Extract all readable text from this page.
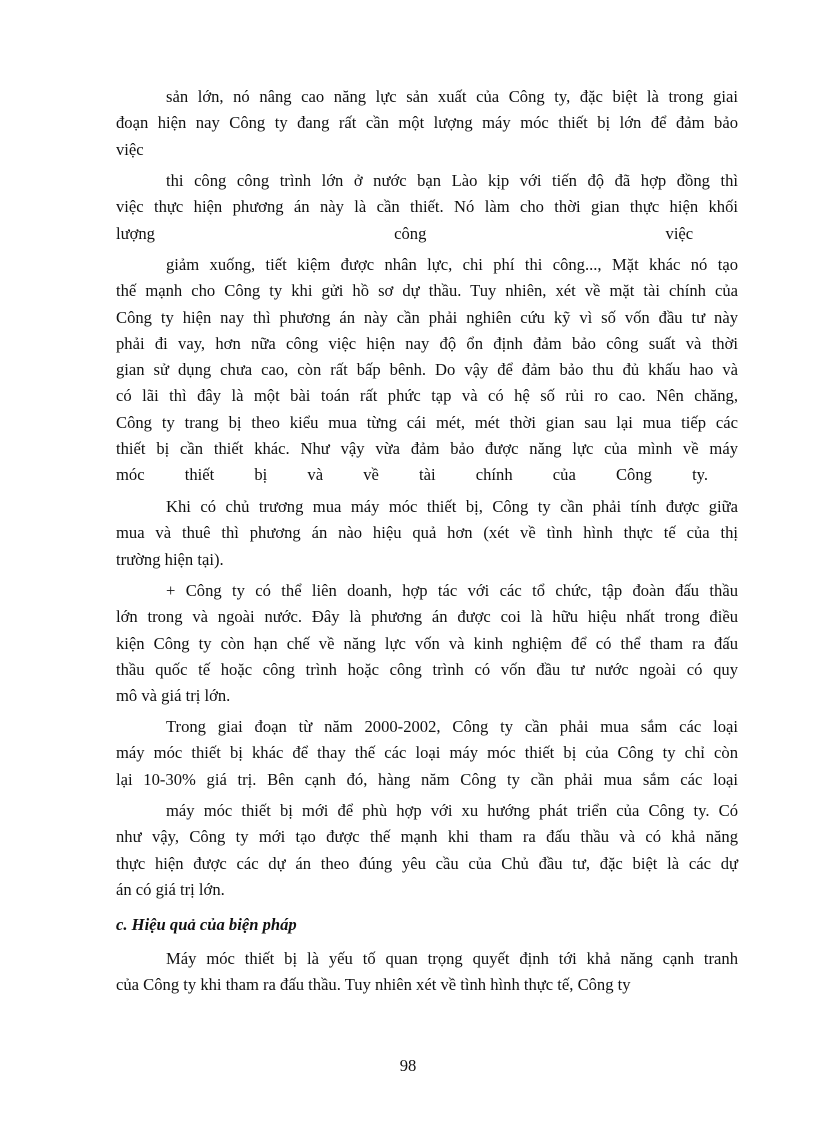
sản lớn, nó nâng cao năng lực sản xuất của Công ty, đặc biệt là trong giai
đoạn hiện nay Công ty đang rất cần một lượng máy móc thiết bị lớn để đảm bảo
việc
thi công công trình lớn ở nước bạn Lào kịp với tiến độ đã hợp đồng thì
việc thực hiện phương án này là cần thiết. Nó làm cho thời gian thực hiện khối
lượng công việc
giảm xuống, tiết kiệm được nhân lực, chi phí thi công..., Mặt khác nó tạo
thế mạnh cho Công ty khi gửi hồ sơ dự thầu. Tuy nhiên, xét về mặt tài chính của
Công ty hiện nay thì phương án này cần phải nghiên cứu kỹ vì số vốn đầu tư này
phải đi vay, hơn nữa công việc hiện nay độ ổn định đảm bảo công suất và thời
gian sử dụng chưa cao, còn rất bấp bênh. Do vậy để đảm bảo thu đủ khấu hao và
có lãi thì đây là một bài toán rất phức tạp và có hệ số rủi ro cao. Nên chăng,
Công ty trang bị theo kiểu mua từng cái mét, mét thời gian sau lại mua tiếp các
thiết bị cần thiết khác. Như vậy vừa đảm bảo được năng lực của mình về máy
móc thiết bị và về tài chính của Công ty.
Khi có chủ trương mua máy móc thiết bị, Công ty cần phải tính được giữa
mua và thuê thì phương án nào hiệu quả hơn (xét về tình hình thực tế của thị
trường hiện tại).
+ Công ty có thể liên doanh, hợp tác với các tổ chức, tập đoàn đấu thầu
lớn trong và ngoài nước. Đây là phương án được coi là hữu hiệu nhất trong điều
kiện Công ty còn hạn chế về năng lực vốn và kinh nghiệm để có thể tham ra đấu
thầu quốc tế hoặc công trình hoặc công trình có vốn đầu tư nước ngoài có quy
mô và giá trị lớn.
Trong giai đoạn từ năm 2000-2002, Công ty cần phải mua sắm các loại
máy móc thiết bị khác để thay thế các loại máy móc thiết bị của Công ty chỉ còn
lại 10-30% giá trị. Bên cạnh đó, hàng năm Công ty cần phải mua sắm các loại
máy móc thiết bị mới để phù hợp với xu hướng phát triển của Công ty. Có
như vậy, Công ty mới tạo được thế mạnh khi tham ra đấu thầu và có khả năng
thực hiện được các dự án theo đúng yêu cầu của Chủ đầu tư, đặc biệt là các dự
án có giá trị lớn.
c. Hiệu quả của biện pháp
Máy móc thiết bị là yếu tố quan trọng quyết định tới khả năng cạnh tranh
của Công ty khi tham ra đấu thầu. Tuy nhiên xét về tình hình thực tế, Công ty
98
